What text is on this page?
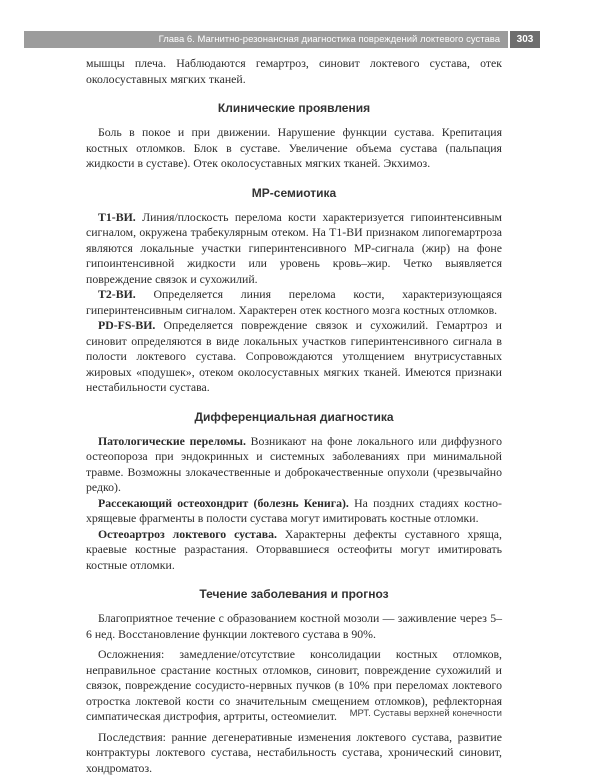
Глава 6. Магнитно-резонансная диагностика повреждений локтевого сустава	303

мышцы плеча. Наблюдаются гемартроз, синовит локтевого сустава, отек околосуставных мягких тканей.

Клинические проявления

Боль в покое и при движении. Нарушение функции сустава. Крепитация костных отломков. Блок в суставе. Увеличение объема сустава (пальпация жидкости в суставе). Отек околосуставных мягких тканей. Экхимоз.

МР-семиотика

Т1-ВИ. Линия/плоскость перелома кости характеризуется гипоинтенсивным сигналом, окружена трабекулярным отеком. На Т1-ВИ признаком липогемартроза являются локальные участки гиперинтенсивного МР-сигнала (жир) на фоне гипоинтенсивной жидкости или уровень кровь–жир. Четко выявляется повреждение связок и сухожилий.

Т2-ВИ. Определяется линия перелома кости, характеризующаяся гиперинтенсивным сигналом. Характерен отек костного мозга костных отломков.

PD-FS-ВИ. Определяется повреждение связок и сухожилий. Гемартроз и синовит определяются в виде локальных участков гиперинтенсивного сигнала в полости локтевого сустава. Сопровождаются утолщением внутрисуставных жировых «подушек», отеком околосуставных мягких тканей. Имеются признаки нестабильности сустава.

Дифференциальная диагностика

Патологические переломы. Возникают на фоне локального или диффузного остеопороза при эндокринных и системных заболеваниях при минимальной травме. Возможны злокачественные и доброкачественные опухоли (чрезвычайно редко).

Рассекающий остеохондрит (болезнь Кенига). На поздних стадиях костно-хрящевые фрагменты в полости сустава могут имитировать костные отломки.

Остеоартроз локтевого сустава. Характерны дефекты суставного хряща, краевые костные разрастания. Оторвавшиеся остеофиты могут имитировать костные отломки.

Течение заболевания и прогноз

Благоприятное течение с образованием костной мозоли — заживление через 5–6 нед. Восстановление функции локтевого сустава в 90%.

Осложнения: замедление/отсутствие консолидации костных отломков, неправильное срастание костных отломков, синовит, повреждение сухожилий и связок, повреждение сосудисто-нервных пучков (в 10% при переломах локтевого отростка локтевой кости со значительным смещением отломков), рефлекторная симпатическая дистрофия, артриты, остеомиелит.

Последствия: ранние дегенеративные изменения локтевого сустава, развитие контрактуры локтевого сустава, нестабильность сустава, хронический синовит, хондроматоз.

МРТ. Суставы верхней конечности
